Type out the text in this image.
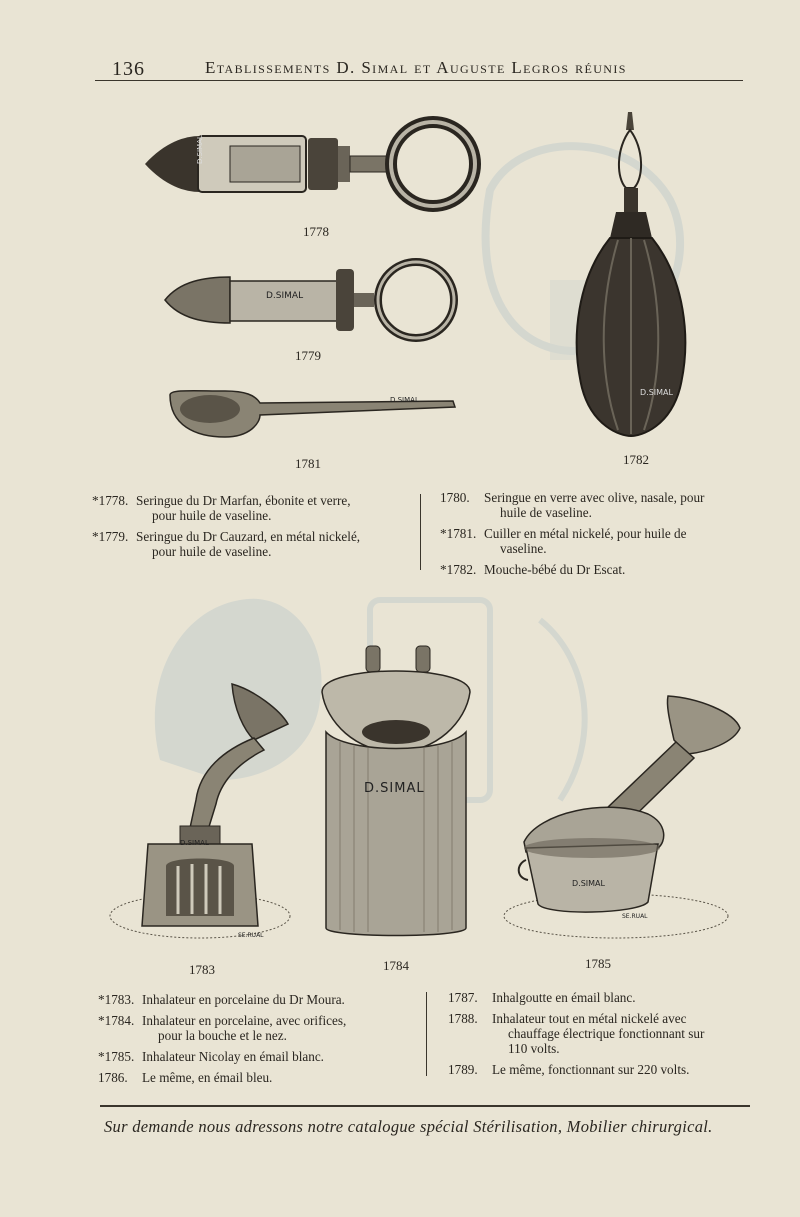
136	Etablissements D. Simal et Auguste Legros réunis
D.SIMAL
1778
D.SIMAL
1779
D.SIMAL
1781
D.SIMAL
1782
*1778. Seringue du Dr Marfan, ébonite et verre,
pour huile de vaseline.
*1779. Seringue du Dr Cauzard, en métal nickelé,
pour huile de vaseline.
1780.	Seringue en verre avec olive, nasale, pour
huile de vaseline.
*1781. Cuiller en métal nickelé, pour huile de
vaseline.
*1782. Mouche-bébé du Dr Escat.
D.SIMAL
SE.RUAL
1783
D.SIMAL
1784
D.SIMAL
SE.RUAL
1785
*1783. Inhalateur en porcelaine du Dr Moura.
*1784. Inhalateur en porcelaine, avec orifices,
pour la bouche et le nez.
*1785. Inhalateur Nicolay en émail blanc.
1786.	Le même, en émail bleu.
1787.	Inhalgoutte en émail blanc.
1788.	Inhalateur tout en métal nickelé avec
chauffage électrique fonctionnant sur
110 volts.
1789.	Le même, fonctionnant sur 220 volts.
Sur demande nous adressons notre catalogue spécial Stérilisation, Mobilier chirurgical.
